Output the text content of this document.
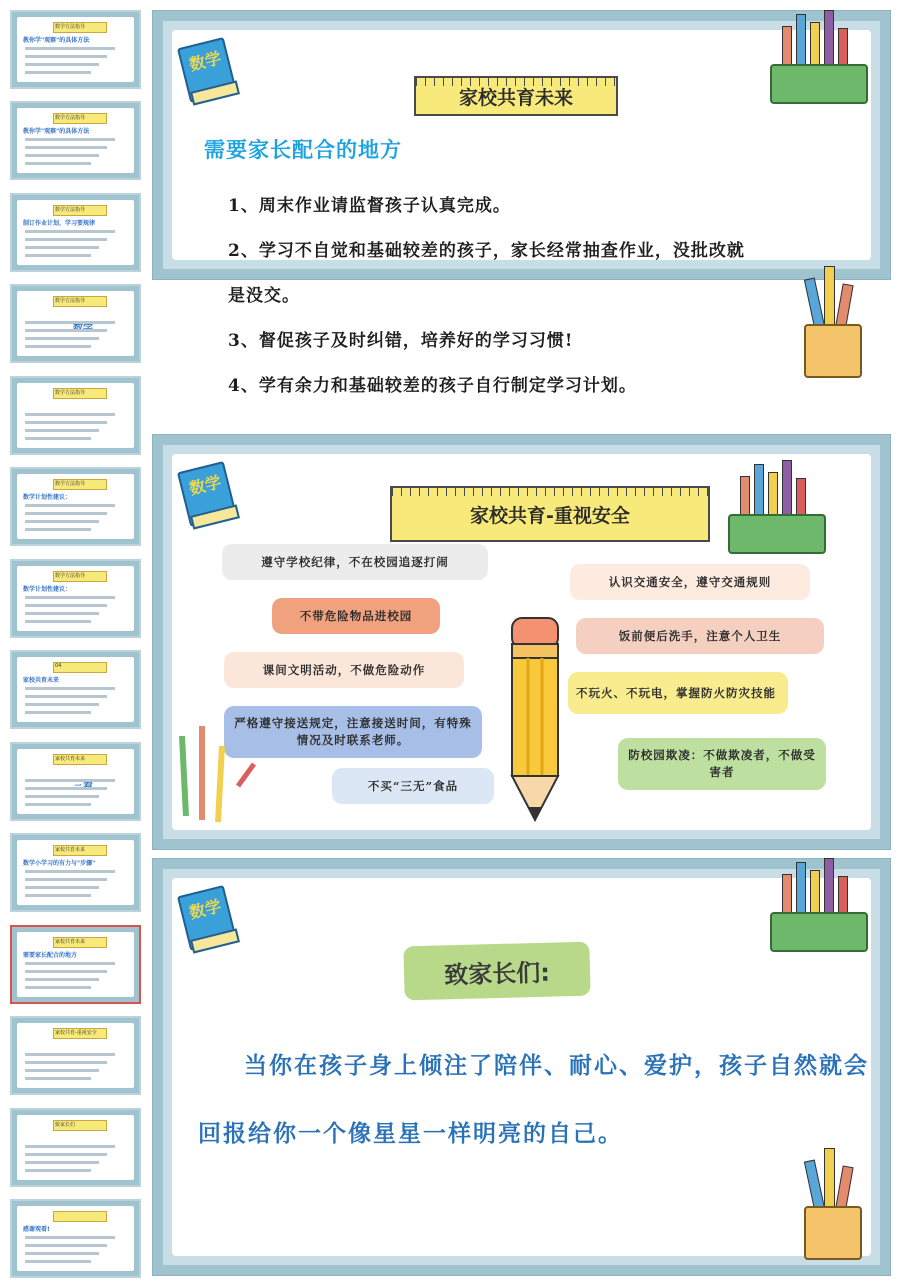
数学方法指导
教你学"观察"的具体方法
数学方法指导
教你学"观察"的具体方法
数学方法指导
制订作业计划，学习要规律
数学方法指导
数学方法指导
数学方法指导
数学计划性建议：
数学方法指导
数学计划性建议：
04
家校共育未来
家校共育未来
家校共育未来
数学小学习的有力与"步骤"
家校共育未来
需要家长配合的地方
家校共育-重视安全
致家长们
感谢观看!
数学
家校共育未来
需要家长配合的地方
1、周末作业请监督孩子认真完成。
2、学习不自觉和基础较差的孩子，家长经常抽查作业，没批改就
是没交。
3、督促孩子及时纠错，培养好的学习习惯!
4、学有余力和基础较差的孩子自行制定学习计划。
数学
家校共育-重视安全
遵守学校纪律，不在校园追逐打闹
不带危险物品进校园
课间文明活动，不做危险动作
严格遵守接送规定，注意接送时间，有特殊情况及时联系老师。
不买“三无”食品
认识交通安全，遵守交通规则
饭前便后洗手，注意个人卫生
不玩火、不玩电，掌握防火防灾技能
防校园欺凌：不做欺凌者，不做受害者
数学
致家长们:
当你在孩子身上倾注了陪伴、耐心、爱护，孩子自然就会回报给你一个像星星一样明亮的自己。
